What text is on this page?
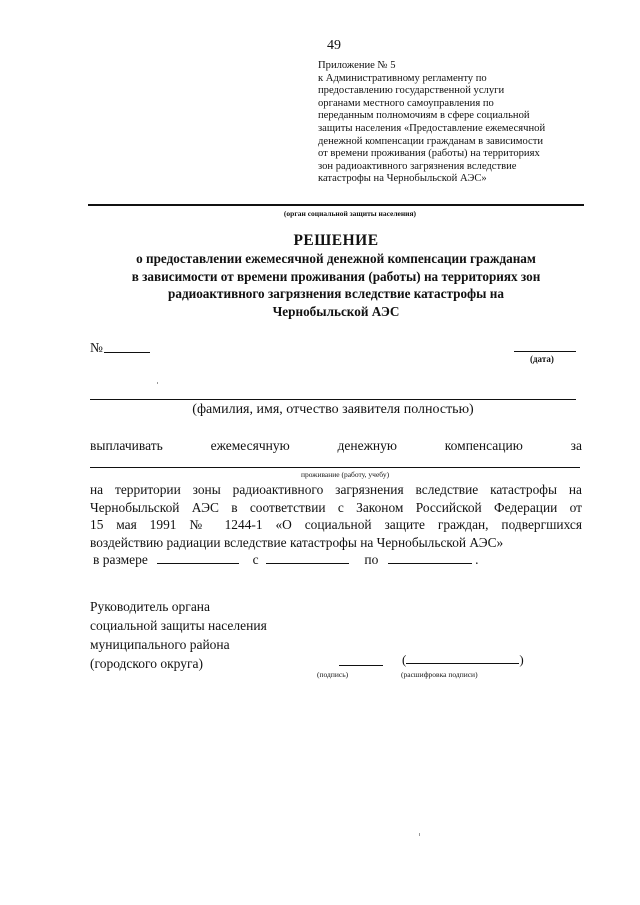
49
Приложение № 5
к Административному регламенту по
предоставлению государственной услуги
органами местного самоуправления по
переданным полномочиям в сфере социальной
защиты населения «Предоставление ежемесячной
денежной компенсации гражданам в зависимости
от времени проживания (работы) на территориях
зон радиоактивного загрязнения вследствие
катастрофы на Чернобыльской АЭС»
(орган социальной защиты населения)
РЕШЕНИЕ
о предоставлении ежемесячной денежной компенсации гражданам
в зависимости от времени проживания (работы) на территориях зон
радиоактивного загрязнения вследствие катастрофы на
Чернобыльской АЭС
№
(дата)
(фамилия, имя, отчество заявителя полностью)
выплачивать	ежемесячную	денежную	компенсацию	за
проживание (работу, учебу)
на территории зоны радиоактивного загрязнения вследствие катастрофы на
Чернобыльской АЭС в соответствии с Законом Российской Федерации от
15 мая 1991 № 1244-1 «О социальной защите граждан, подвергшихся
воздействию радиации вследствие катастрофы на Чернобыльской АЭС»
в размере	с	по	.
Руководитель органа
социальной защиты населения
муниципального района
(городского округа)
(подпись)
(	)
(расшифровка подписи)
